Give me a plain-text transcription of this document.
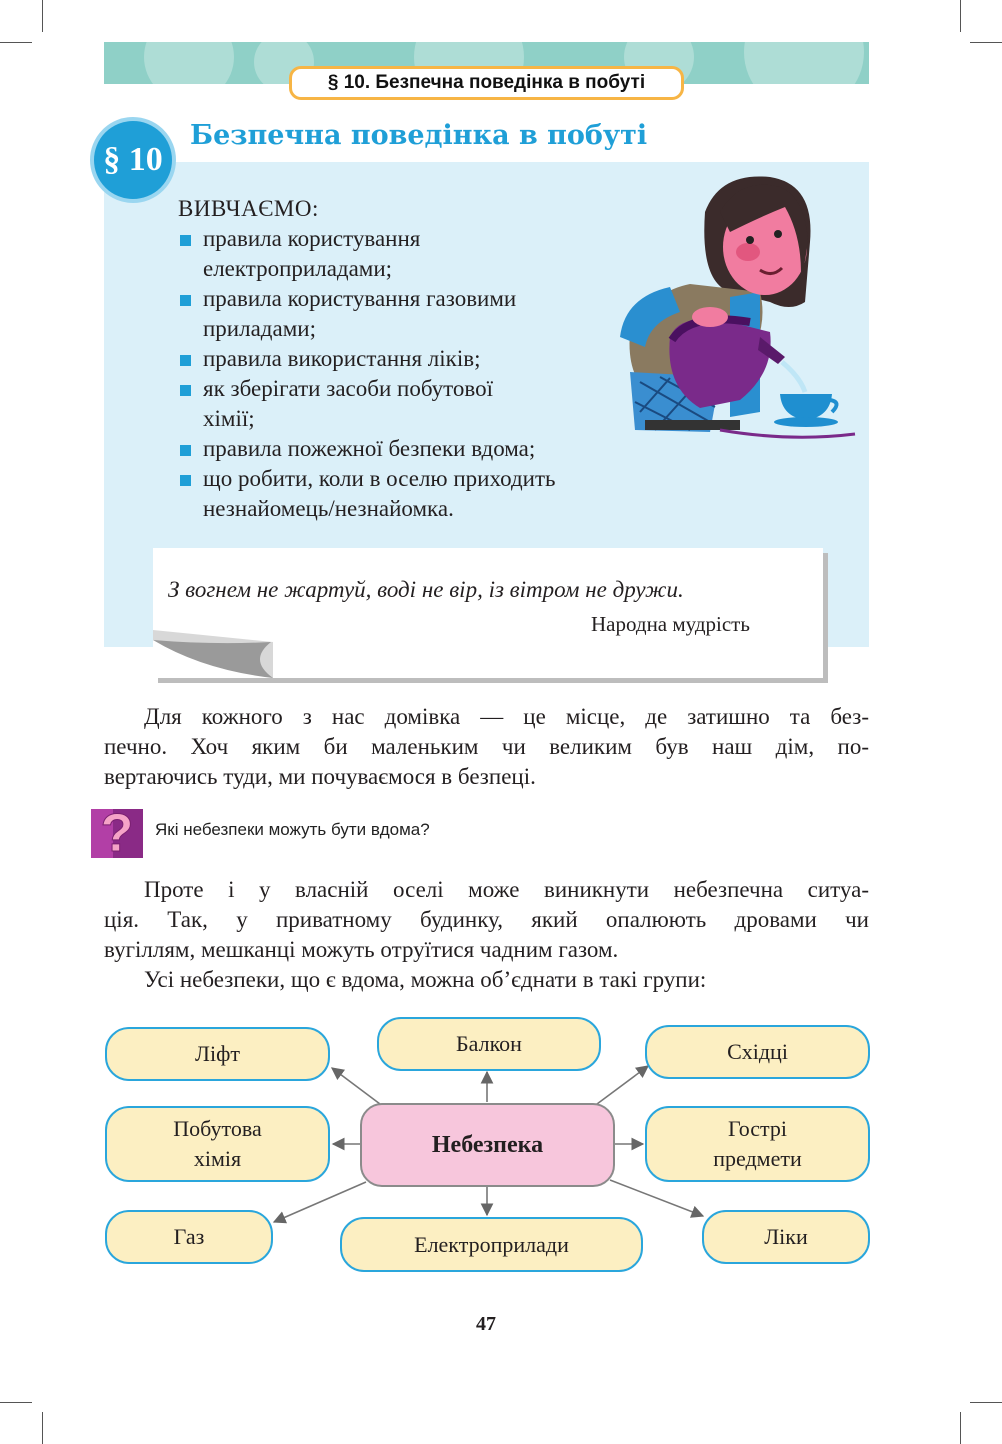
§ 10. Безпечна поведінка в побуті
§ 10
Безпечна поведінка в побуті
ВИВЧАЄМО:
правила користування
електроприладами;
правила користування газовими
приладами;
правила використання ліків;
як зберігати засоби побутової
хімії;
правила пожежної безпеки вдома;
що робити, коли в оселю приходить
незнайомець/незнайомка.
З вогнем не жартуй, воді не вір, із вітром не дружи.
Народна мудрість
Для кожного з нас домівка — це місце, де затишно та без-
печно. Хоч яким би маленьким чи великим був наш дім, по-
вертаючись туди, ми почуваємося в безпеці.
? Які небезпеки можуть бути вдома?
Проте і у власній оселі може виникнути небезпечна ситуа-
ція. Так, у приватному будинку, який опалюють дровами чи
вугіллям, мешканці можуть отруїтися чадним газом.
Усі небезпеки, що є вдома, можна об’єднати в такі групи:
Ліфт	Балкон	Східці
Побутова
хімія
Небезпека
Гострі
предмети
Газ	Електроприлади	Ліки
47
